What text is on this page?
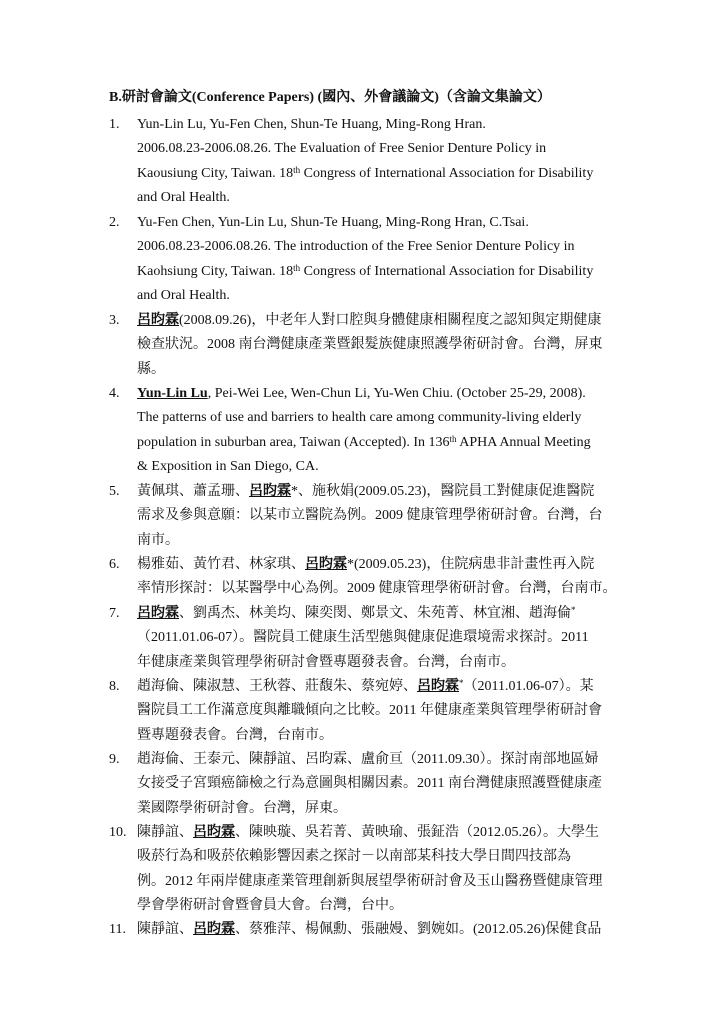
B.研討會論文(Conference Papers) (國內、外會議論文)（含論文集論文）
1. Yun-Lin Lu, Yu-Fen Chen, Shun-Te Huang, Ming-Rong Hran.
2006.08.23-2006.08.26. The Evaluation of Free Senior Denture Policy in
Kaousiung City, Taiwan. 18th Congress of International Association for Disability
and Oral Health.
2. Yu-Fen Chen, Yun-Lin Lu, Shun-Te Huang, Ming-Rong Hran, C.Tsai.
2006.08.23-2006.08.26. The introduction of the Free Senior Denture Policy in
Kaohsiung City, Taiwan. 18th Congress of International Association for Disability
and Oral Health.
3. 呂昀霖(2008.09.26)，中老年人對口腔與身體健康相關程度之認知與定期健康
檢查狀況。2008 南台灣健康產業暨銀髮族健康照護學術研討會。台灣，屏東
縣。
4. Yun-Lin Lu, Pei-Wei Lee, Wen-Chun Li, Yu-Wen Chiu. (October 25-29, 2008).
The patterns of use and barriers to health care among community-living elderly
population in suburban area, Taiwan (Accepted). In 136th APHA Annual Meeting
& Exposition in San Diego, CA.
5. 黃佩琪、蕭孟珊、呂昀霖*、施秋娟(2009.05.23)，醫院員工對健康促進醫院
需求及參與意願：以某市立醫院為例。2009 健康管理學術研討會。台灣，台
南市。
6. 楊雅茹、黃竹君、林家琪、呂昀霖*(2009.05.23)，住院病患非計畫性再入院
率情形探討：以某醫學中心為例。2009 健康管理學術研討會。台灣，台南市。
7. 呂昀霖、劉禹杰、林美均、陳奕閔、鄭景文、朱苑菁、林宜湘、趙海倫*
（2011.01.06-07）。醫院員工健康生活型態與健康促進環境需求探討。2011
年健康產業與管理學術研討會暨專題發表會。台灣，台南市。
8. 趙海倫、陳淑慧、王秋蓉、莊馥朱、蔡宛婷、呂昀霖*（2011.01.06-07）。某
醫院員工工作滿意度與離職傾向之比較。2011 年健康產業與管理學術研討會
暨專題發表會。台灣，台南市。
9. 趙海倫、王泰元、陳靜誼、呂昀霖、盧俞亘（2011.09.30）。探討南部地區婦
女接受子宮頸癌篩檢之行為意圖與相關因素。2011 南台灣健康照護暨健康產
業國際學術研討會。台灣，屏東。
10. 陳靜誼、呂昀霖、陳映璇、吳若菁、黃映瑜、張鉦浩（2012.05.26）。大學生
吸菸行為和吸菸依賴影響因素之探討－以南部某科技大學日間四技部為
例。2012 年兩岸健康產業管理創新與展望學術研討會及玉山醫務暨健康管理
學會學術研討會暨會員大會。台灣，台中。
11. 陳靜誼、呂昀霖、蔡雅萍、楊佩勳、張融嫚、劉婉如。(2012.05.26)保健食品
